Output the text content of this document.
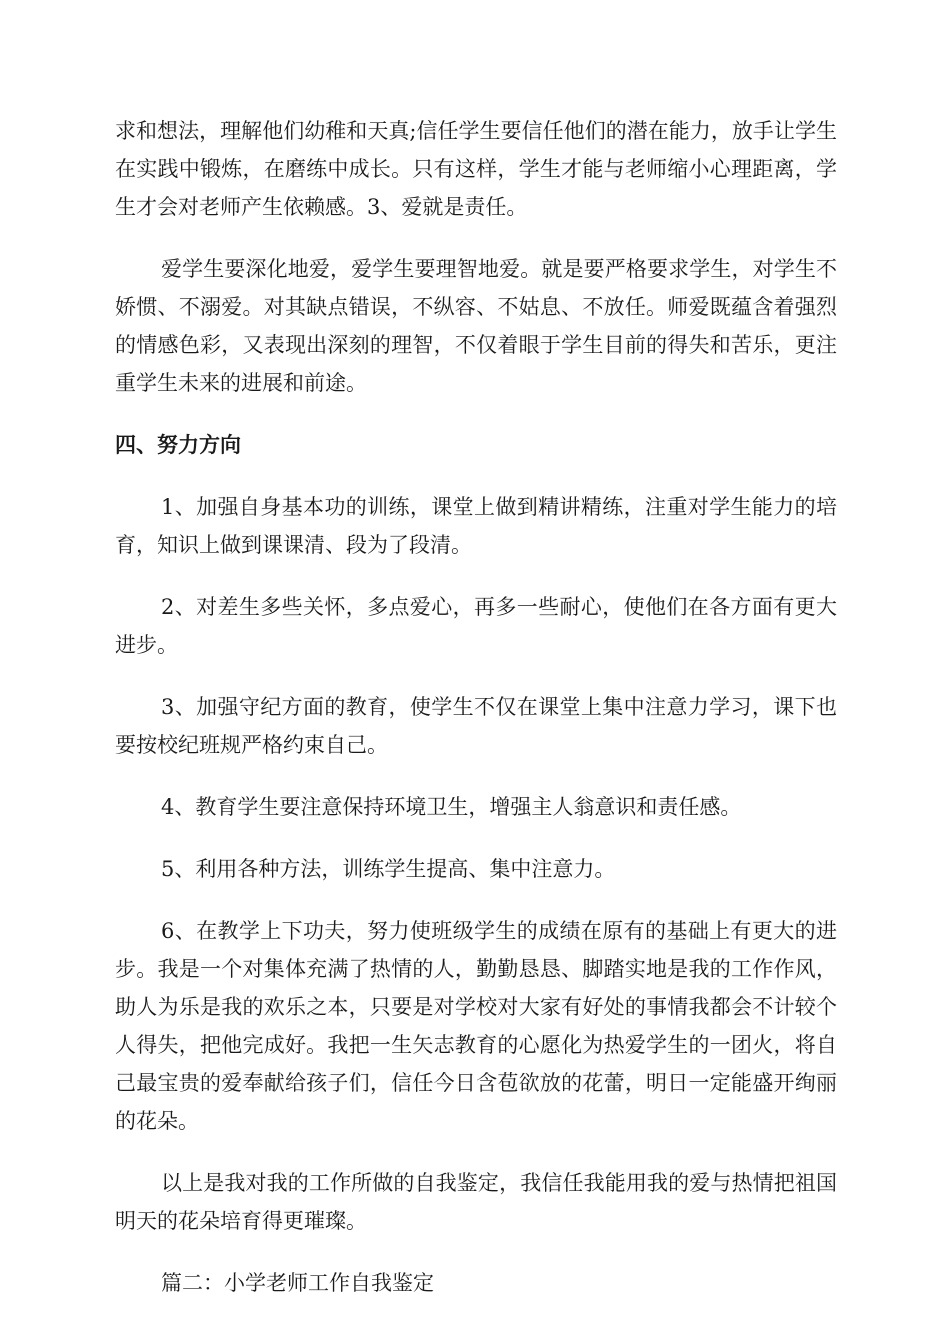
求和想法，理解他们幼稚和天真;信任学生要信任他们的潜在能力，放手让学生在实践中锻炼，在磨练中成长。只有这样，学生才能与老师缩小心理距离，学生才会对老师产生依赖感。3、爱就是责任。

爱学生要深化地爱，爱学生要理智地爱。就是要严格要求学生，对学生不娇惯、不溺爱。对其缺点错误，不纵容、不姑息、不放任。师爱既蕴含着强烈的情感色彩，又表现出深刻的理智，不仅着眼于学生目前的得失和苦乐，更注重学生未来的进展和前途。

四、努力方向

1、加强自身基本功的训练，课堂上做到精讲精练，注重对学生能力的培育，知识上做到课课清、段为了段清。

2、对差生多些关怀，多点爱心，再多一些耐心，使他们在各方面有更大进步。

3、加强守纪方面的教育，使学生不仅在课堂上集中注意力学习，课下也要按校纪班规严格约束自己。

4、教育学生要注意保持环境卫生，增强主人翁意识和责任感。

5、利用各种方法，训练学生提高、集中注意力。

6、在教学上下功夫，努力使班级学生的成绩在原有的基础上有更大的进步。我是一个对集体充满了热情的人，勤勤恳恳、脚踏实地是我的工作作风，助人为乐是我的欢乐之本，只要是对学校对大家有好处的事情我都会不计较个人得失，把他完成好。我把一生矢志教育的心愿化为热爱学生的一团火，将自己最宝贵的爱奉献给孩子们，信任今日含苞欲放的花蕾，明日一定能盛开绚丽的花朵。

以上是我对我的工作所做的自我鉴定，我信任我能用我的爱与热情把祖国明天的花朵培育得更璀璨。

篇二：小学老师工作自我鉴定
